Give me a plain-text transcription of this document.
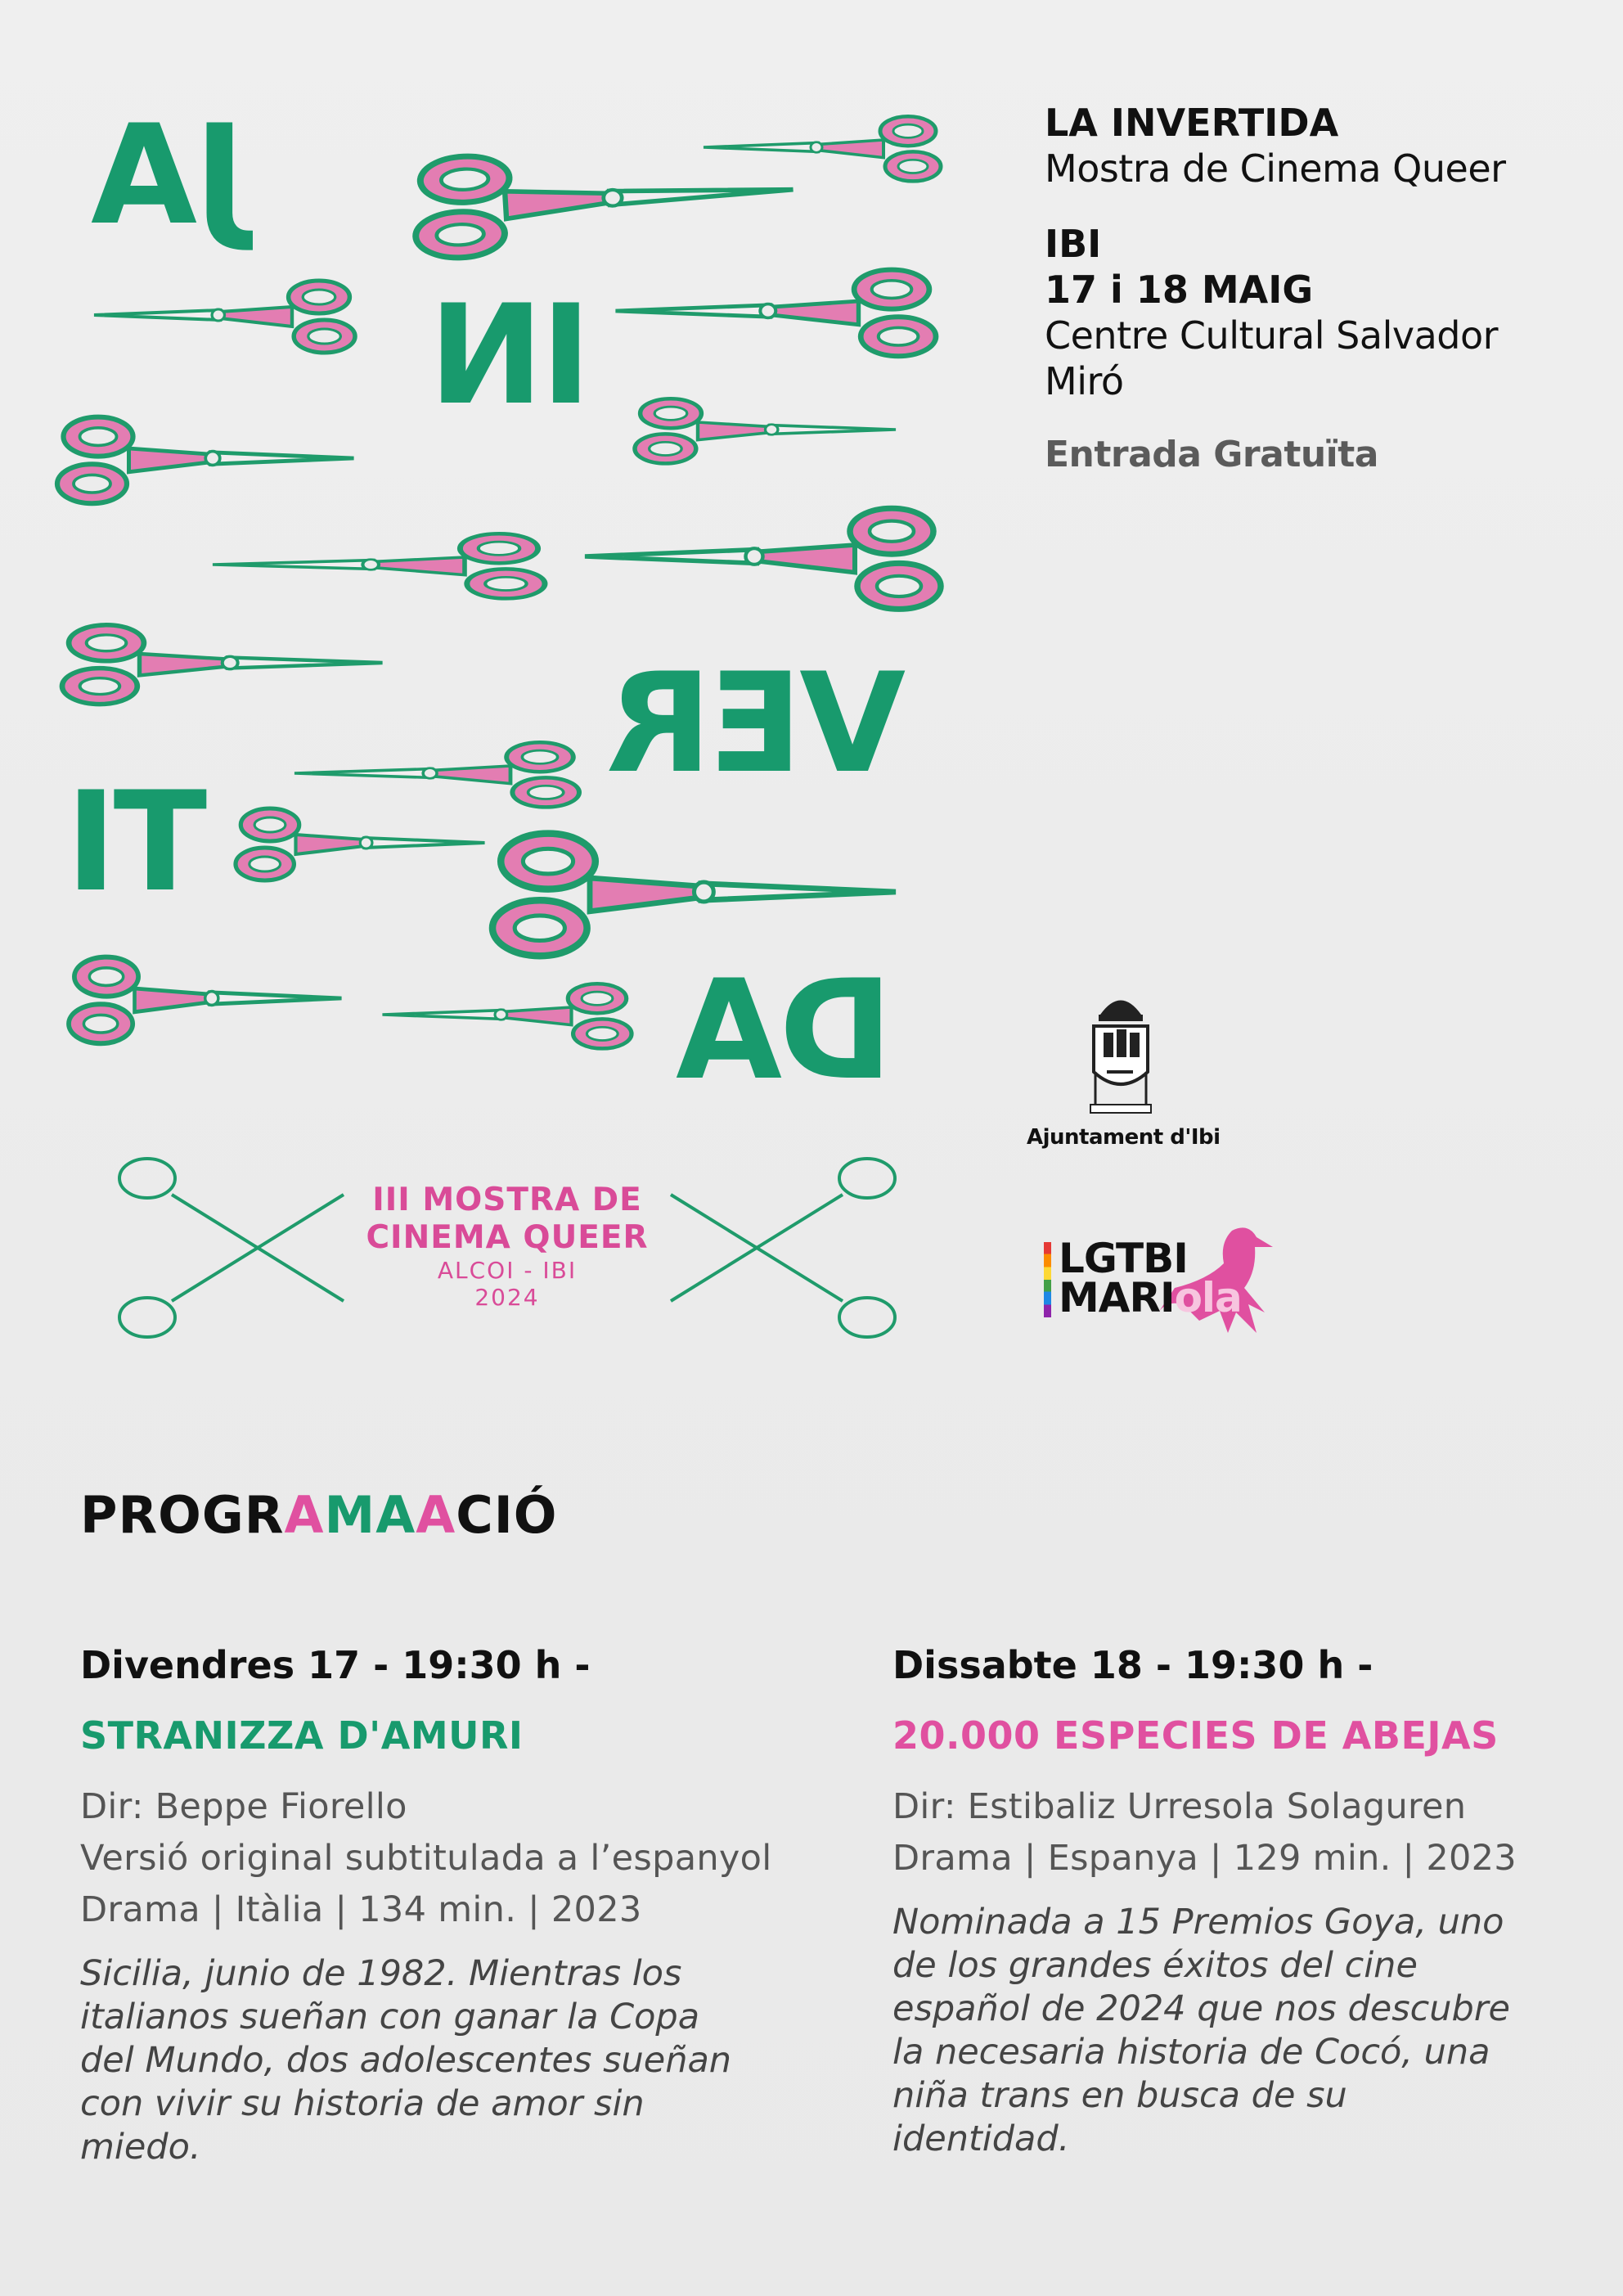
JA
IN
VER
TI
DA
III MOSTRA DE
CINEMA QUEER
ALCOI - IBI
2024
LA INVERTIDA
Mostra de Cinema Queer
IBI
17 i 18 MAIG
Centre Cultural Salvador Miró
Entrada Gratuïta
Ajuntament d'Ibi
LGTBI
MARIola
PROGRAMAACIÓ
Divendres 17 - 19:30 h -
STRANIZZA D'AMURI
Dir: Beppe Fiorello
Versió original subtitulada a l’espanyol
Drama | Itàlia | 134 min. | 2023
Sicilia, junio de 1982. Mientras los italianos sueñan con ganar la Copa del Mundo, dos adolescentes sueñan con vivir su historia de amor sin miedo.
Dissabte 18 - 19:30 h -
20.000 ESPECIES DE ABEJAS
Dir: Estibaliz Urresola Solaguren
Drama | Espanya | 129 min. | 2023
Nominada a 15 Premios Goya, uno de los grandes éxitos del cine español de 2024 que nos descubre la necesaria historia de Cocó, una niña trans en busca de su identidad.
